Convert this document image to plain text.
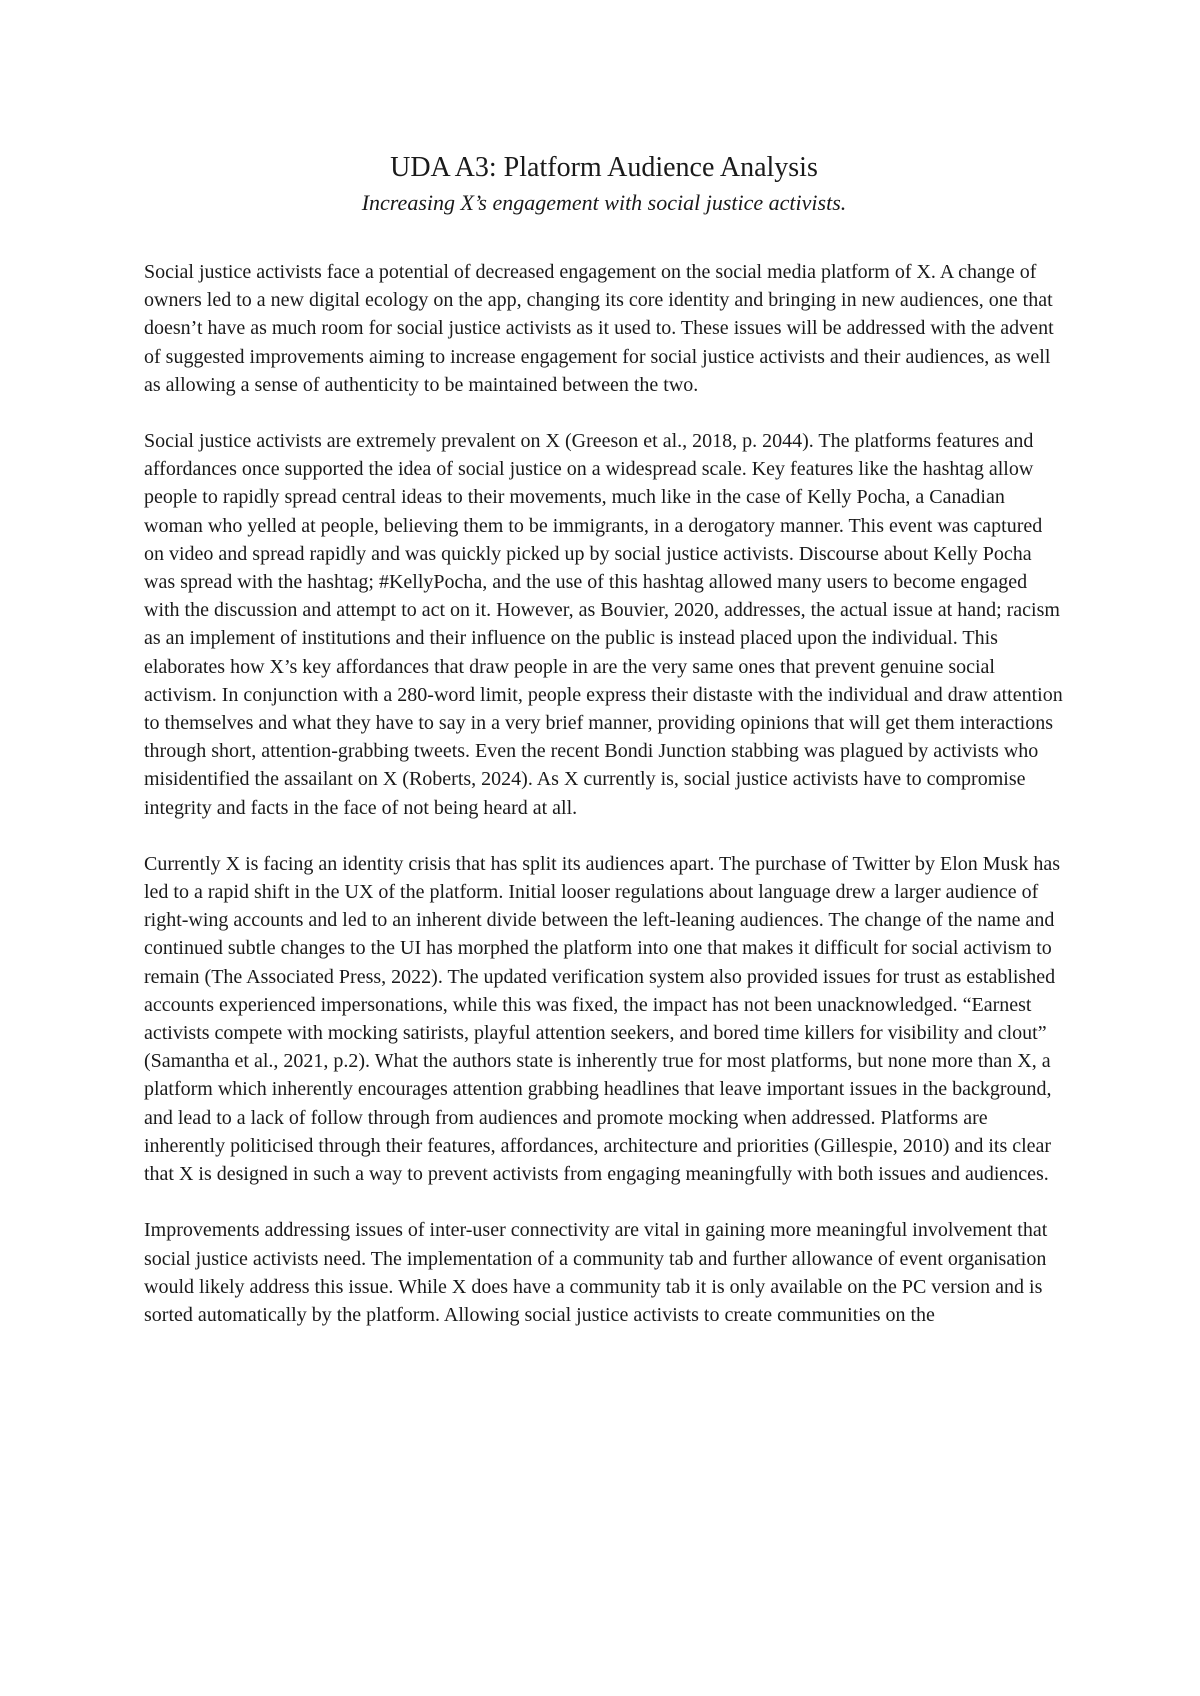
UDA A3: Platform Audience Analysis

Increasing X’s engagement with social justice activists.

Social justice activists face a potential of decreased engagement on the social media platform of X. A change of owners led to a new digital ecology on the app, changing its core identity and bringing in new audiences, one that doesn’t have as much room for social justice activists as it used to. These issues will be addressed with the advent of suggested improvements aiming to increase engagement for social justice activists and their audiences, as well as allowing a sense of authenticity to be maintained between the two.

Social justice activists are extremely prevalent on X (Greeson et al., 2018, p. 2044). The platforms features and affordances once supported the idea of social justice on a widespread scale. Key features like the hashtag allow people to rapidly spread central ideas to their movements, much like in the case of Kelly Pocha, a Canadian woman who yelled at people, believing them to be immigrants, in a derogatory manner. This event was captured on video and spread rapidly and was quickly picked up by social justice activists. Discourse about Kelly Pocha was spread with the hashtag; #KellyPocha, and the use of this hashtag allowed many users to become engaged with the discussion and attempt to act on it. However, as Bouvier, 2020, addresses, the actual issue at hand; racism as an implement of institutions and their influence on the public is instead placed upon the individual. This elaborates how X’s key affordances that draw people in are the very same ones that prevent genuine social activism. In conjunction with a 280-word limit, people express their distaste with the individual and draw attention to themselves and what they have to say in a very brief manner, providing opinions that will get them interactions through short, attention-grabbing tweets. Even the recent Bondi Junction stabbing was plagued by activists who misidentified the assailant on X (Roberts, 2024). As X currently is, social justice activists have to compromise integrity and facts in the face of not being heard at all.

Currently X is facing an identity crisis that has split its audiences apart. The purchase of Twitter by Elon Musk has led to a rapid shift in the UX of the platform. Initial looser regulations about language drew a larger audience of right-wing accounts and led to an inherent divide between the left-leaning audiences. The change of the name and continued subtle changes to the UI has morphed the platform into one that makes it difficult for social activism to remain (The Associated Press, 2022). The updated verification system also provided issues for trust as established accounts experienced impersonations, while this was fixed, the impact has not been unacknowledged. “Earnest activists compete with mocking satirists, playful attention seekers, and bored time killers for visibility and clout” (Samantha et al., 2021, p.2). What the authors state is inherently true for most platforms, but none more than X, a platform which inherently encourages attention grabbing headlines that leave important issues in the background, and lead to a lack of follow through from audiences and promote mocking when addressed. Platforms are inherently politicised through their features, affordances, architecture and priorities (Gillespie, 2010) and its clear that X is designed in such a way to prevent activists from engaging meaningfully with both issues and audiences.

Improvements addressing issues of inter-user connectivity are vital in gaining more meaningful involvement that social justice activists need. The implementation of a community tab and further allowance of event organisation would likely address this issue. While X does have a community tab it is only available on the PC version and is sorted automatically by the platform. Allowing social justice activists to create communities on the
